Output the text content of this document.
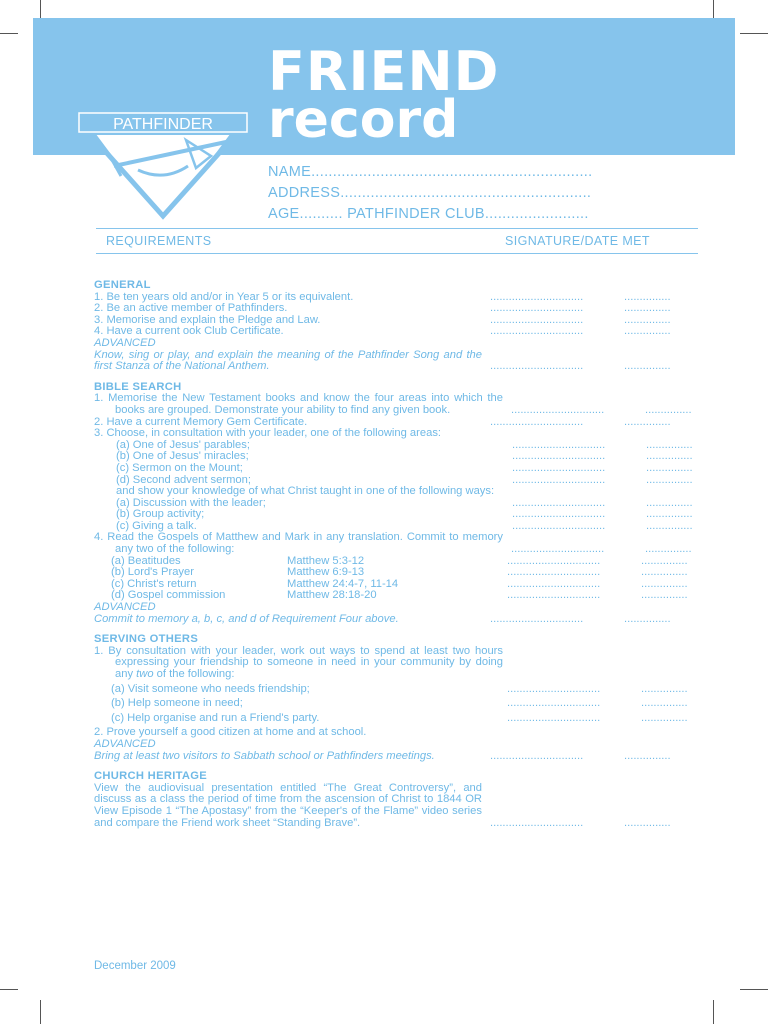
FRIEND
record
PATHFINDER
NAME.................................................................
ADDRESS..........................................................
AGE.......... PATHFINDER CLUB........................
REQUIREMENTS	SIGNATURE/DATE MET
GENERAL
1. Be ten years old and/or in Year 5 or its equivalent.	..............................	...............
2. Be an active member of Pathfinders.	..............................	...............
3. Memorise and explain the Pledge and Law.	..............................	...............
4. Have a current ook Club Certificate.	..............................	...............
ADVANCED
Know, sing or play, and explain the meaning of the Pathfinder Song and the first Stanza of the National Anthem.	..............................	...............
BIBLE SEARCH
1. Memorise the New Testament books and know the four areas into which the books are grouped. Demonstrate your ability to find any given book.	..............................	...............
2. Have a current Memory Gem Certificate.	..............................	...............
3. Choose, in consultation with your leader, one of the following areas:
(a) One of Jesus' parables;	..............................	...............
(b) One of Jesus' miracles;	..............................	...............
(c) Sermon on the Mount;	..............................	...............
(d) Second advent sermon;	..............................	...............
and show your knowledge of what Christ taught in one of the following ways:
(a) Discussion with the leader;	..............................	...............
(b) Group activity;	..............................	...............
(c) Giving a talk.	..............................	...............
4. Read the Gospels of Matthew and Mark in any translation. Commit to memory any two of the following:	..............................	...............
(a) Beatitudes	Matthew 5:3-12	..............................	...............
(b) Lord's Prayer	Matthew 6:9-13	..............................	...............
(c) Christ's return	Matthew 24:4-7, 11-14	..............................	...............
(d) Gospel commission	Matthew 28:18-20	..............................	...............
ADVANCED
Commit to memory a, b, c, and d of Requirement Four above.	..............................	...............
SERVING OTHERS
1. By consultation with your leader, work out ways to spend at least two hours expressing your friendship to someone in need in your community by doing any two of the following:
(a) Visit someone who needs friendship;	..............................	...............
(b) Help someone in need;	..............................	...............
(c) Help organise and run a Friend's party.	..............................	...............
2. Prove yourself a good citizen at home and at school.
ADVANCED
Bring at least two visitors to Sabbath school or Pathfinders meetings.	..............................	...............
CHURCH HERITAGE
View the audiovisual presentation entitled “The Great Controversy”, and discuss as a class the period of time from the ascension of Christ to 1844 OR View Episode 1 “The Apostasy” from the “Keeper's of the Flame” video series and compare the Friend work sheet “Standing Brave”.	..............................	...............
December 2009
